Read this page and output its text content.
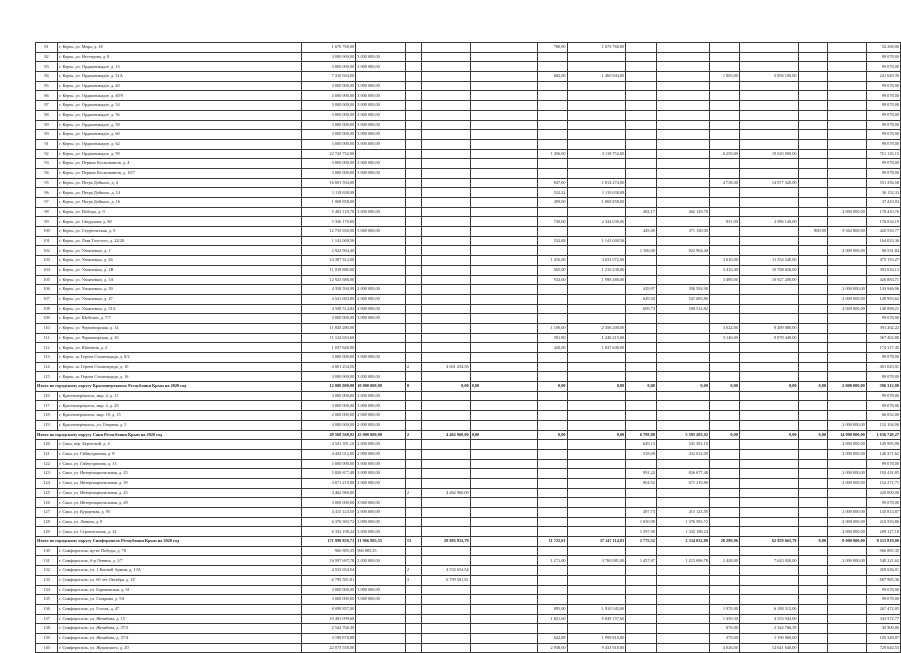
81	г. Керчь, ул. Мира, д. 18	1 670 760,00					780,00	1 670 760,00							52 268,00
82	г. Керчь, ул. Нестерова, д. 8	3 000 000,00	3 000 000,00												99 078,00
83	г. Керчь, ул. Орджоникидзе, д. 13	3 000 000,00	3 000 000,00												99 078,00
84	г. Керчь, ул. Орджоникидзе, д. 31А	7 316 944,00					682,00	1 460 844,00			1 865,00	5 856 100,00			241 649,39
85	г. Керчь, ул. Орджоникидзе, д. 40	3 000 000,00	3 000 000,00												99 078,00
86	г. Керчь, ул. Орджоникидзе, д. 40/9	3 000 000,00	3 000 000,00												99 078,00
87	г. Керчь, ул. Орджоникидзе, д. 54	3 000 000,00	3 000 000,00												99 078,00
88	г. Керчь, ул. Орджоникидзе, д. 56	3 000 000,00	3 000 000,00												99 078,00
89	г. Керчь, ул. Орджоникидзе, д. 58	3 000 000,00	3 000 000,00												99 078,00
90	г. Керчь, ул. Орджоникидзе, д. 60	3 000 000,00	3 000 000,00												99 078,00
91	г. Керчь, ул. Орджоникидзе, д. 62	3 000 000,00	3 000 000,00												99 078,00
92	г. Керчь, ул. Орджоникидзе, д. 99	22 743 752,00					1 456,00	3 118 752,00			6 250,00	19 625 000,00			751 135,15
93	г. Керчь, ул. Первых Космонавтов, д. 4	3 000 000,00	3 000 000,00												99 078,00
94	г. Керчь, ул. Первых Космонавтов, д. 10/7	3 000 000,00	3 000 000,00												99 078,00
95	г. Керчь, ул. Петра Дейкало, д. 4	16 691 594,00					847,00	1 814 274,00			4 738,00	14 877 320,00			551 256,58
96	г. Керчь, ул. Петра Дейкало, д. 14	1 118 638,08					522,24	1 118 638,08							36 152,33
97	г. Керчь, ул. Петра Дейкало, д. 16	1 068 858,00					499,00	1 068 858,00							37 410,03
98	г. Керчь, ул. Победы, д. 9	5 402 129,78	3 000 000,00						482,17	402 129,78				2 000 000,00	178 410,76
99	г. Керчь, ул. Свердлова, д. 80	5 330 170,00					730,00	2 344 030,00			951,00	2 986 140,00			176 034,19
100	г. Керчь, ул. Студенческая, д. 9	12 733 930,00	3 000 000,00						445,00	371 130,00			880,00	9 362 800,00	420 550,77
101	г. Керчь, ул. Льва Толстого, д. 22/20	1 141 000,56					532,68	1 141 000,56							164 033,36
102	г. Керчь, ул. Ульяновых, д. 1	2 922 904,40							1 106,00	922 904,40				2 000 000,00	96 531,84
103	г. Керчь, ул. Ульяновых, д. 26	14 387 312,00					1 416,00	3 033 072,00			3 616,00	11 354 240,00			475 155,27
104	г. Керчь, ул. Ульяновых, д. 2В	11 918 886,00					565,00	1 210 230,00			3 410,40	10 708 656,00			393 633,13
105	г. Керчь, ул. Ульяновых, д. 3А	12 925 686,00					933,00	1 998 486,00			3 480,00	10 927 200,00			426 883,71
106	г. Керчь, ул. Ульяновых, д. 39	4 358 594,98	2 000 000,00						429,97	358 594,98				2 000 000,00	143 946,96
107	г. Керчь, ул. Ульяновых, д. 47	4 541 683,80	2 000 000,00						649,50	541 683,80				2 000 000,00	149 993,62
108	г. Керчь, ул. Ульяновых, д. 51А	4 508 514,82	2 000 000,00						609,73	508 514,82				2 000 000,00	148 898,21
109	г. Керчь, ул. Шебелки, д. 7/7	3 000 000,00	3 000 000,00												99 078,00
110	г. Керчь, ул. Черноморская, д. 14	11 845 280,00					1 100,00	2 356 200,00			3 022,00	9 489 080,00			391 202,22
111	г. Керчь, ул. Черноморская, д. 16	11 124 653,60					581,80	1 246 215,60			3 146,00	9 878 440,00			367 402,88
112	г. Керчь, ул. Юннатов, д. 2	1 037 640,00					420,00	1 037 640,00							174 317,45
113	г. Керчь, ш. Героев Сталинграда, д. 8/2	3 000 000,00	3 000 000,00												99 078,00
114	г. Керчь, ш. Героев Сталинграда, д. 10	4 601 254,56		2	4 601 254,56										401 043,91
115	г. Керчь, ш. Героев Сталинграда, д. 16	3 000 000,00	3 000 000,00												99 078,00
Итого по городскому округу Красноперекопск Республики Крым на 2020 год		12 000 000,00	10 000 000,00	0	0,00	0,00	0,00	0,00	0,00	0,00	0,00	0,00	0,00	2 000 000,00	396 312,00
116	г. Красноперекопск, мкр. 2, д. 11	3 000 000,00	3 000 000,00												99 078,00
117	г. Красноперекопск, мкр. 2, д. 29	3 000 000,00	3 000 000,00												99 078,00
118	г. Красноперекопск, мкр. 10, д. 15	2 000 000,00	2 000 000,00												66 052,00
119	г. Красноперекопск, ул. Озерная, д. 5	4 000 000,00	2 000 000,00											2 000 000,00	132 104,00
Итого по городскому округу Саки Республики Крым на 2020 год		49 568 568,92	25 000 000,00	2	4 462 960,00	0,00	0,00	0,00	6 709,88	5 595 205,92	0,00	0,00	0,00	14 000 000,00	1 636 749,27
120	г. Саки, пер. Береговой, д. 4	4 541 391,10	2 000 000,00						649,13	541 391,10				2 000 000,00	149 985,98
121	г. Саки, ул. Гайнутдинова, д. 8	4 432 012,00	2 000 000,00						518,00	432 012,00				2 000 000,00	146 371,62
122	г. Саки, ул. Гайнутдинова, д. 13	3 000 000,00	3 000 000,00												99 078,00
123	г. Саки, ул. Интернациональная, д. 25	5 826 677,48	3 000 000,00						991,22	826 677,48				2 000 000,00	192 431,85
124	г. Саки, ул. Интернациональная, д. 39	4 671 219,88	2 000 000,00						804,92	671 219,88				2 000 000,00	154 271,71
125	г. Саки, ул. Интернациональная, д. 45	4 462 960,00		2	4 462 960,00										220 000,00
126	г. Саки, ул. Интернациональная, д. 49	3 000 000,00	3 000 000,00												99 078,00
127	г. Саки, ул. Курортная, д. 95	4 415 123,50	2 000 000,00						497,73	415 123,50				2 000 000,00	145 813,87
128	г. Саки, ул. Ленина, д. 8	6 376 583,72	3 000 000,00						1 650,98	1 376 583,72				2 000 000,00	210 593,86
129	г. Саки, ул. Строительная, д. 14	6 332 198,24	3 000 000,00						1 597,90	1 332 198,24				2 000 000,00	209 127,18
Итого по городскому округу Симферополь Республики Крым на 2020 год		171 998 839,73	31 966 885,35	13	29 685 832,70		11 725,61	37 147 114,81	2 775,52	2 334 032,88	20 280,96	62 859 665,79	0,00	8 000 000,00	8 511 819,00
130	г. Симферополь, пр-кт Победы, д. 76	966 885,35	966 885,35												966 885,35
131	г. Симферополь, б-р Ленина, д. 1/7	16 597 697,78	2 000 000,00				1 171,00	3 760 081,00	1 457,67	1 215 696,78	2 428,00	7 623 920,00		2 000 000,00	548 221,62
132	г. Симферополь, ул. 1 Конной Армии, д. 13А	4 533 654,54		2	4 533 654,54										458 656,91
133	г. Симферополь, ул. 60 лет Октября, д. 18	6 799 581,81		3	6 799 581,81										687 985,36
134	г. Симферополь, ул. Барановская, д. 61	3 000 000,00	3 000 000,00												99 078,00
135	г. Симферополь, ул. Гагарина, д. 9А	3 000 000,00	3 000 000,00												99 078,00
136	г. Симферополь, ул. Гоголя, д. 47	8 098 857,00					895,00	1 910 545,00			1 970,00	6 188 312,00			267 472,05
137	г. Симферополь, ул. Желябова, д. 15	10 403 099,60					1 821,60	5 849 157,60			1 450,30	4 553 942,00			343 572,77
138	г. Симферополь, ул. Желябова, д. 37/3	2 542 766,39									876,00	2 542 766,39			45 300,00
139	г. Симферополь, ул. Желябова, д. 37/4	3 189 870,88					622,88	1 999 810,80			379,00	1 190 060,00			105 349,07
140	г. Симферополь, ул. Жуковского, д. 20	22 075 558,00					2 938,00	9 433 918,00			4 026,00	12 641 640,00			729 644,53
